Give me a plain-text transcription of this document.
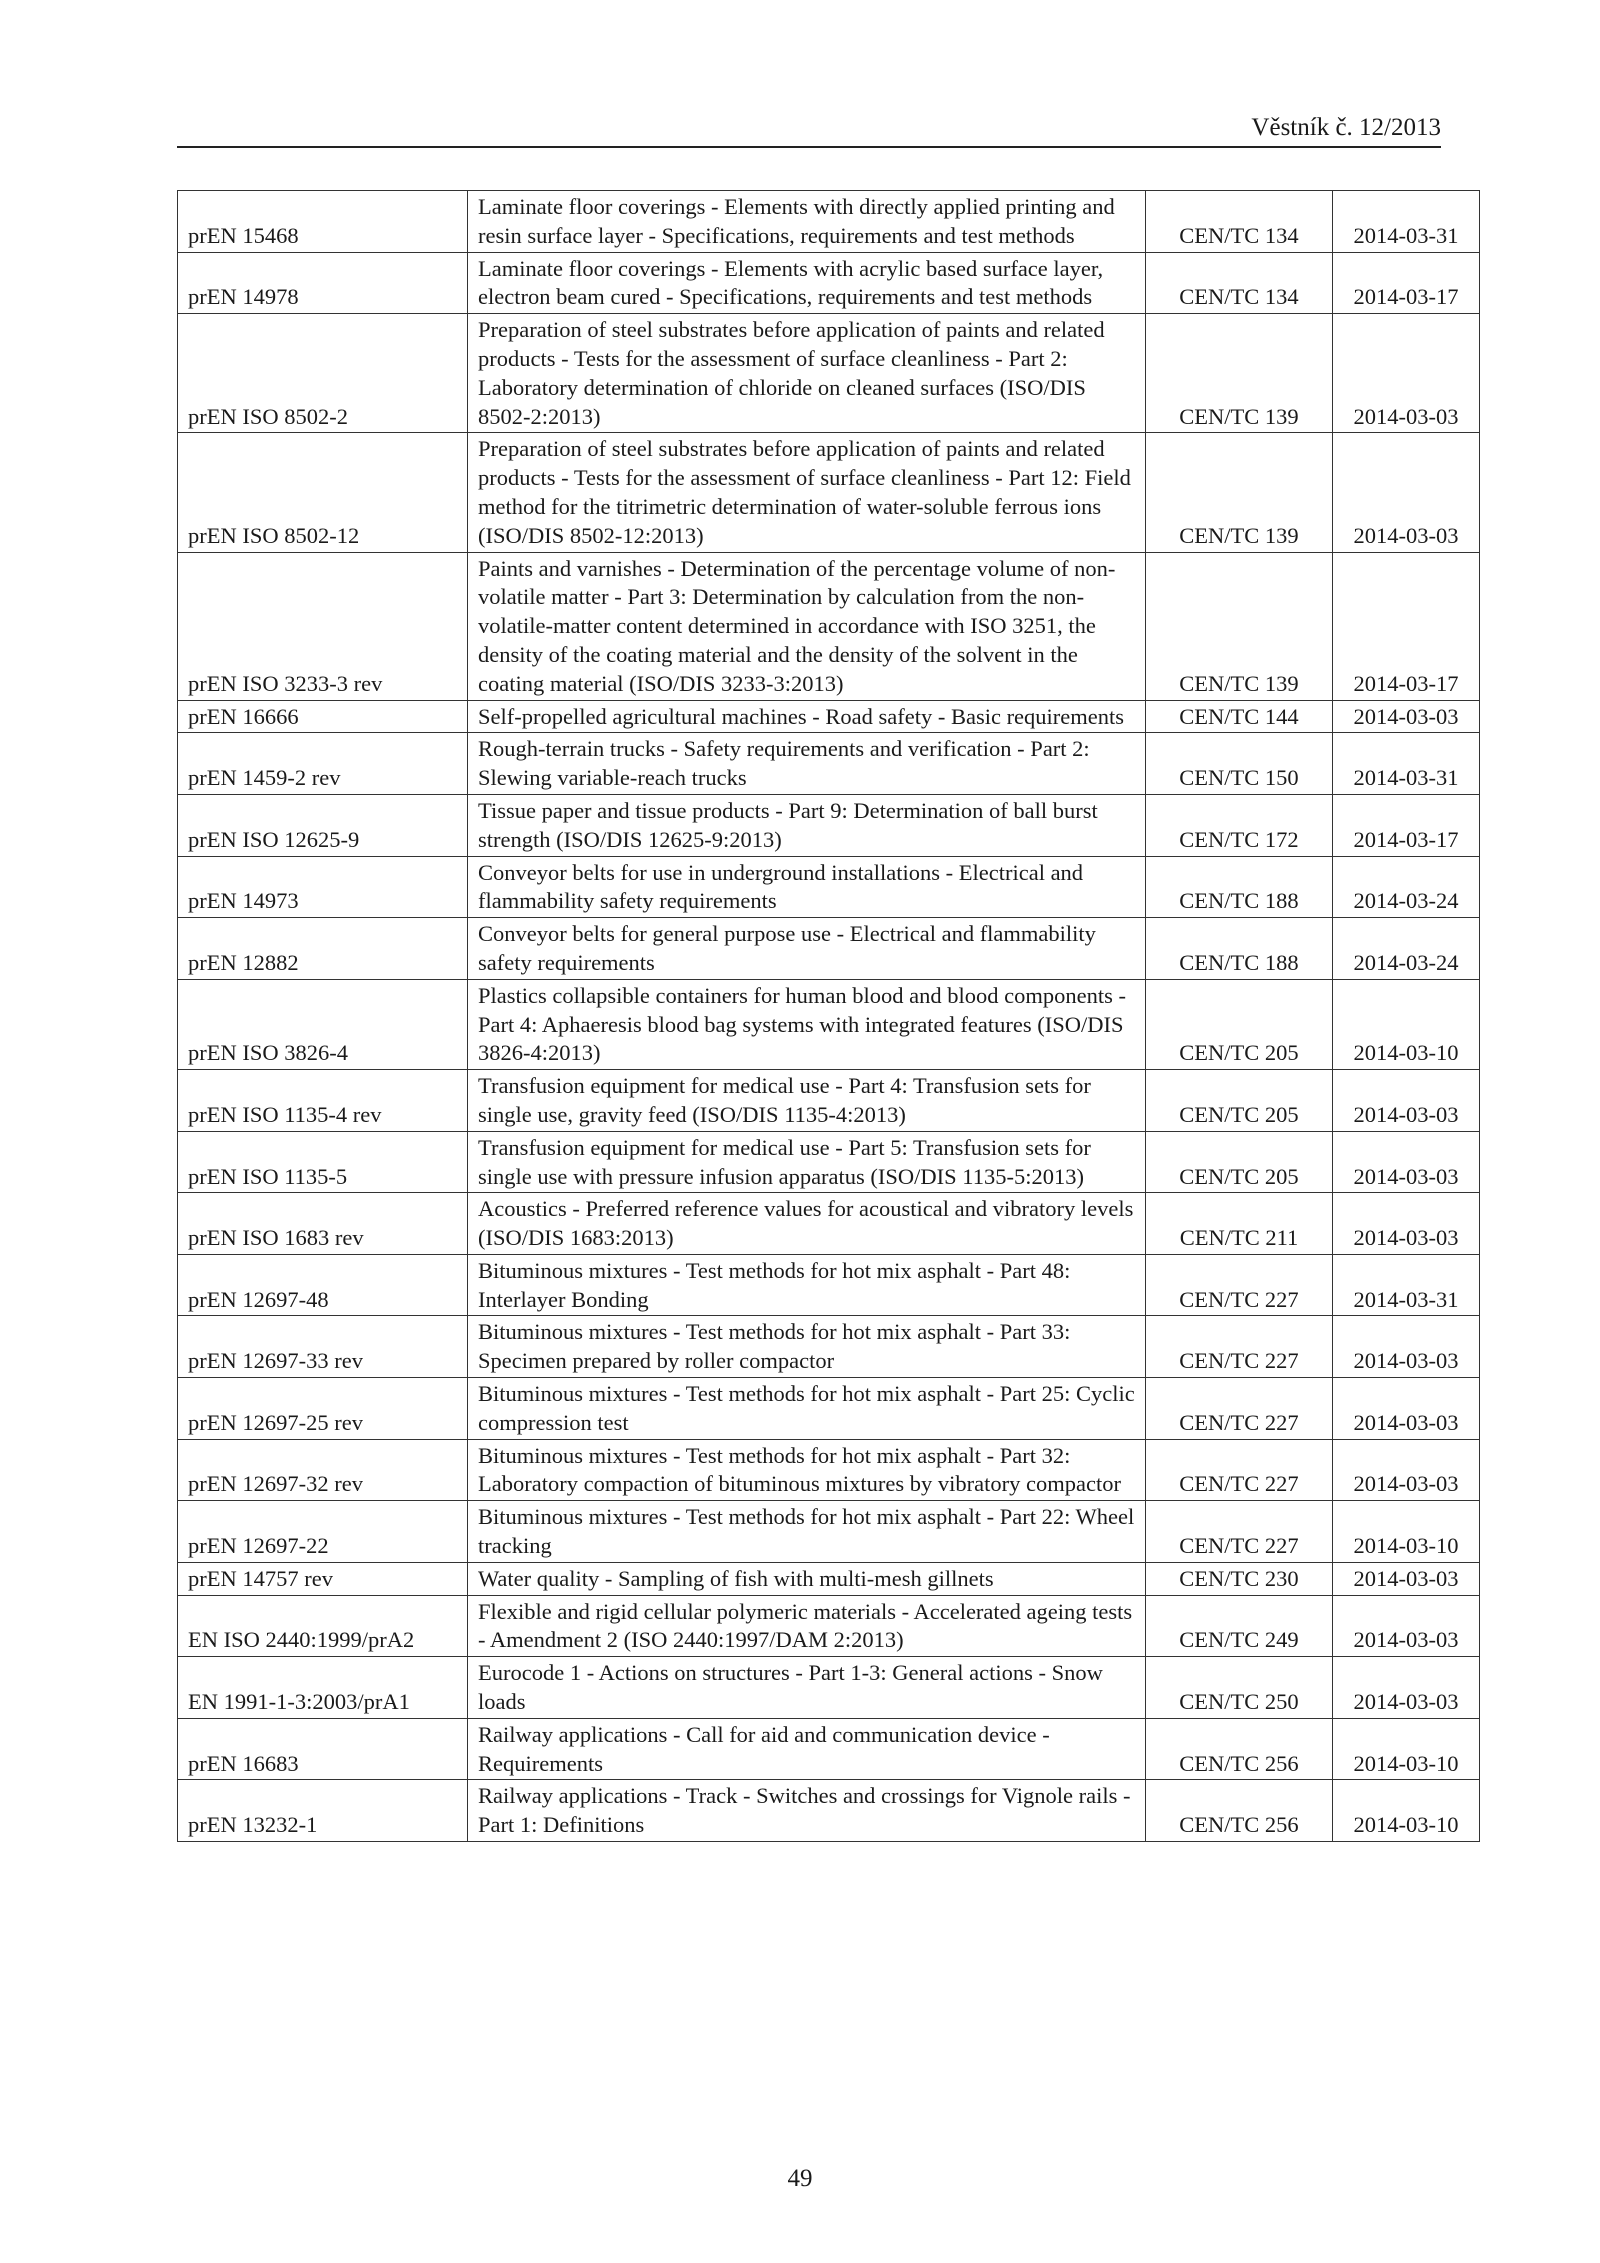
Věstník č. 12/2013
prEN 15468	Laminate floor coverings - Elements with directly applied printing and resin surface layer - Specifications, requirements and test methods	CEN/TC 134	2014-03-31
prEN 14978	Laminate floor coverings - Elements with acrylic based surface layer, electron beam cured - Specifications, requirements and test methods	CEN/TC 134	2014-03-17
prEN ISO 8502-2	Preparation of steel substrates before application of paints and related products - Tests for the assessment of surface cleanliness - Part 2: Laboratory determination of chloride on cleaned surfaces (ISO/DIS 8502-2:2013)	CEN/TC 139	2014-03-03
prEN ISO 8502-12	Preparation of steel substrates before application of paints and related products - Tests for the assessment of surface cleanliness - Part 12: Field method for the titrimetric determination of water-soluble ferrous ions (ISO/DIS 8502-12:2013)	CEN/TC 139	2014-03-03
prEN ISO 3233-3 rev	Paints and varnishes - Determination of the percentage volume of non-volatile matter - Part 3: Determination by calculation from the non-volatile-matter content determined in accordance with ISO 3251, the density of the coating material and the density of the solvent in the coating material (ISO/DIS 3233-3:2013)	CEN/TC 139	2014-03-17
prEN 16666	Self-propelled agricultural machines - Road safety - Basic requirements	CEN/TC 144	2014-03-03
prEN 1459-2 rev	Rough-terrain trucks - Safety requirements and verification - Part 2: Slewing variable-reach trucks	CEN/TC 150	2014-03-31
prEN ISO 12625-9	Tissue paper and tissue products - Part 9: Determination of ball burst strength (ISO/DIS 12625-9:2013)	CEN/TC 172	2014-03-17
prEN 14973	Conveyor belts for use in underground installations - Electrical and flammability safety requirements	CEN/TC 188	2014-03-24
prEN 12882	Conveyor belts for general purpose use - Electrical and flammability safety requirements	CEN/TC 188	2014-03-24
prEN ISO 3826-4	Plastics collapsible containers for human blood and blood components - Part 4: Aphaeresis blood bag systems with integrated features (ISO/DIS 3826-4:2013)	CEN/TC 205	2014-03-10
prEN ISO 1135-4 rev	Transfusion equipment for medical use - Part 4: Transfusion sets for single use, gravity feed (ISO/DIS 1135-4:2013)	CEN/TC 205	2014-03-03
prEN ISO 1135-5	Transfusion equipment for medical use - Part 5: Transfusion sets for single use with pressure infusion apparatus (ISO/DIS 1135-5:2013)	CEN/TC 205	2014-03-03
prEN ISO 1683 rev	Acoustics - Preferred reference values for acoustical and vibratory levels (ISO/DIS 1683:2013)	CEN/TC 211	2014-03-03
prEN 12697-48	Bituminous mixtures - Test methods for hot mix asphalt - Part 48: Interlayer Bonding	CEN/TC 227	2014-03-31
prEN 12697-33 rev	Bituminous mixtures - Test methods for hot mix asphalt - Part 33: Specimen prepared by roller compactor	CEN/TC 227	2014-03-03
prEN 12697-25 rev	Bituminous mixtures - Test methods for hot mix asphalt - Part 25: Cyclic compression test	CEN/TC 227	2014-03-03
prEN 12697-32 rev	Bituminous mixtures - Test methods for hot mix asphalt - Part 32: Laboratory compaction of bituminous mixtures by vibratory compactor	CEN/TC 227	2014-03-03
prEN 12697-22	Bituminous mixtures - Test methods for hot mix asphalt - Part 22: Wheel tracking	CEN/TC 227	2014-03-10
prEN 14757 rev	Water quality - Sampling of fish with multi-mesh gillnets	CEN/TC 230	2014-03-03
EN ISO 2440:1999/prA2	Flexible and rigid cellular polymeric materials - Accelerated ageing tests - Amendment 2 (ISO 2440:1997/DAM 2:2013)	CEN/TC 249	2014-03-03
EN 1991-1-3:2003/prA1	Eurocode 1 - Actions on structures - Part 1-3: General actions - Snow loads	CEN/TC 250	2014-03-03
prEN 16683	Railway applications - Call for aid and communication device - Requirements	CEN/TC 256	2014-03-10
prEN 13232-1	Railway applications - Track - Switches and crossings for Vignole rails - Part 1: Definitions	CEN/TC 256	2014-03-10
49
